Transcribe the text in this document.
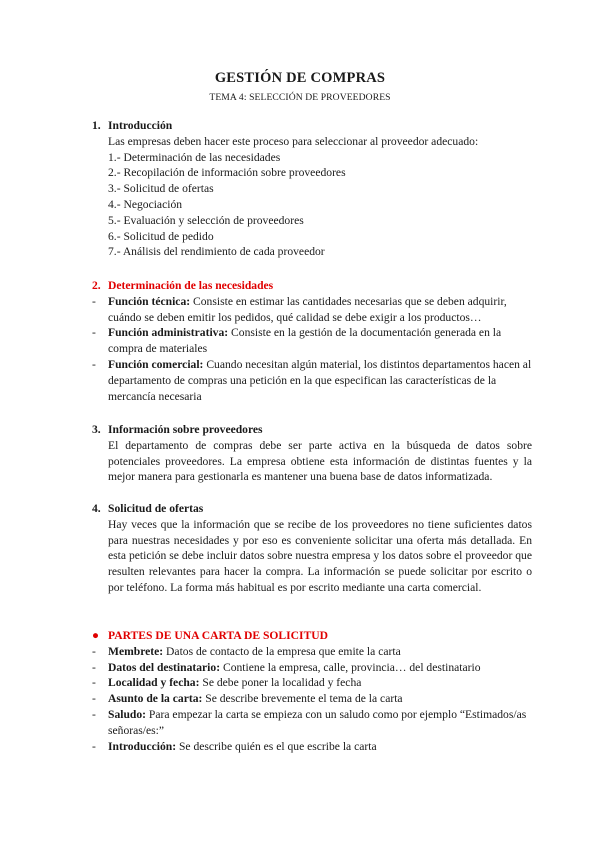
GESTIÓN DE COMPRAS
TEMA 4: SELECCIÓN DE PROVEEDORES
1. Introducción
Las empresas deben hacer este proceso para seleccionar al proveedor adecuado:
1.- Determinación de las necesidades
2.- Recopilación de información sobre proveedores
3.- Solicitud de ofertas
4.- Negociación
5.- Evaluación y selección de proveedores
6.- Solicitud de pedido
7.- Análisis del rendimiento de cada proveedor
2. Determinación de las necesidades
- Función técnica: Consiste en estimar las cantidades necesarias que se deben adquirir, cuándo se deben emitir los pedidos, qué calidad se debe exigir a los productos…
- Función administrativa: Consiste en la gestión de la documentación generada en la compra de materiales
- Función comercial: Cuando necesitan algún material, los distintos departamentos hacen al departamento de compras una petición en la que especifican las características de la mercancía necesaria
3. Información sobre proveedores
El departamento de compras debe ser parte activa en la búsqueda de datos sobre potenciales proveedores. La empresa obtiene esta información de distintas fuentes y la mejor manera para gestionarla es mantener una buena base de datos informatizada.
4. Solicitud de ofertas
Hay veces que la información que se recibe de los proveedores no tiene suficientes datos para nuestras necesidades y por eso es conveniente solicitar una oferta más detallada. En esta petición se debe incluir datos sobre nuestra empresa y los datos sobre el proveedor que resulten relevantes para hacer la compra. La información se puede solicitar por escrito o por teléfono. La forma más habitual es por escrito mediante una carta comercial.
● PARTES DE UNA CARTA DE SOLICITUD
- Membrete: Datos de contacto de la empresa que emite la carta
- Datos del destinatario: Contiene la empresa, calle, provincia… del destinatario
- Localidad y fecha: Se debe poner la localidad y fecha
- Asunto de la carta: Se describe brevemente el tema de la carta
- Saludo: Para empezar la carta se empieza con un saludo como por ejemplo “Estimados/as señoras/es:”
- Introducción: Se describe quién es el que escribe la carta
